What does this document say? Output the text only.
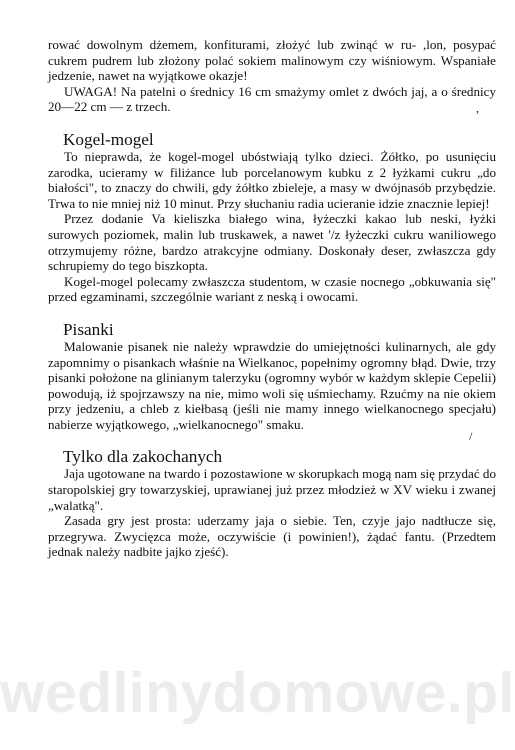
rować dowolnym dżemem, konfiturami, złożyć lub zwinąć w ru- ,lon, posypać cukrem pudrem lub złożony polać sokiem malinowym czy wiśniowym. Wspaniałe jedzenie, nawet na wyjątkowe okazje!

UWAGA! Na patelni o średnicy 16 cm smażymy omlet z dwóch jaj, a o średnicy 20—22 cm — z trzech.

Kogel-mogel

To nieprawda, że kogel-mogel ubóstwiają tylko dzieci. Żółtko, po usunięciu zarodka, ucieramy w filiżance lub porcelanowym kubku z 2 łyżkami cukru „do białości", to znaczy do chwili, gdy żółtko zbieleje, a masy w dwójnasób przybędzie. Trwa to nie mniej niż 10 minut. Przy słuchaniu radia ucieranie idzie znacznie lepiej!

Przez dodanie Va kieliszka białego wina, łyżeczki kakao lub neski, łyżki surowych poziomek, malin lub truskawek, a nawet '/z łyżeczki cukru waniliowego otrzymujemy różne, bardzo atrakcyjne odmiany. Doskonały deser, zwłaszcza gdy schrupiemy do tego biszkopta.

Kogel-mogel polecamy zwłaszcza studentom, w czasie nocnego „obkuwania się" przed egzaminami, szczególnie wariant z neską i owocami.

Pisanki

Malowanie pisanek nie należy wprawdzie do umiejętności kulinarnych, ale gdy zapomnimy o pisankach właśnie na Wielkanoc, popełnimy ogromny błąd. Dwie, trzy pisanki położone na glinianym talerzyku (ogromny wybór w każdym sklepie Cepelii) powodują, iż spojrzawszy na nie, mimo woli się uśmiechamy. Rzućmy na nie okiem przy jedzeniu, a chleb z kiełbasą (jeśli nie mamy innego wielkanocnego specjału) nabierze wyjątkowego, „wielkanocnego" smaku.

Tylko dla zakochanych

Jaja ugotowane na twardo i pozostawione w skorupkach mogą nam się przydać do staropolskiej gry towarzyskiej, uprawianej już przez młodzież w XV wieku i zwanej „walatką".

Zasada gry jest prosta: uderzamy jaja o siebie. Ten, czyje jajo nadtłucze się, przegrywa. Zwycięzca może, oczywiście (i powinien!), żądać fantu. (Przedtem jednak należy nadbite jajko zjeść).

,
/
wedlinydomowe.pl
